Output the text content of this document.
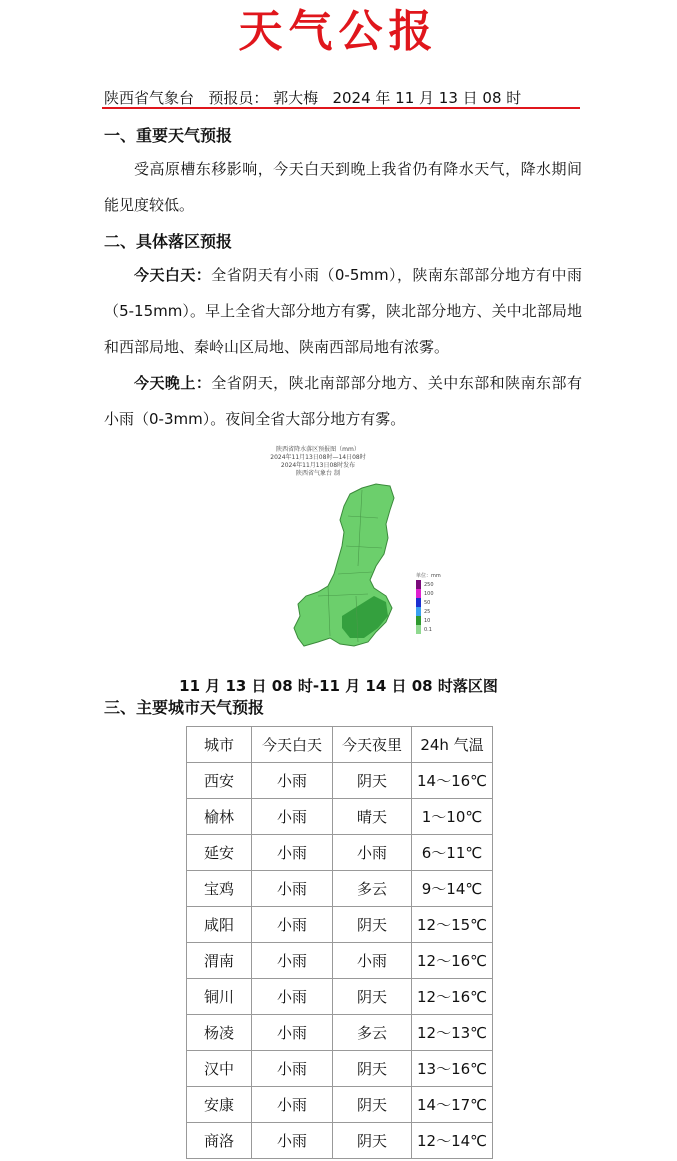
天气公报
陕西省气象台 预报员： 郭大梅 2024 年 11 月 13 日 08 时
一、重要天气预报
受高原槽东移影响，今天白天到晚上我省仍有降水天气，降水期间能见度较低。
二、具体落区预报
今天白天：全省阴天有小雨（0-5mm），陕南东部部分地方有中雨（5-15mm）。早上全省大部分地方有雾，陕北部分地方、关中北部局地和西部局地、秦岭山区局地、陕南西部局地有浓雾。
今天晚上：全省阴天，陕北南部部分地方、关中东部和陕南东部有小雨（0-3mm）。夜间全省大部分地方有雾。
陕西省降水落区预报图（mm）
2024年11月13日08时—14日08时
2024年11月13日08时发布
陕西省气象台 制
单位：mm
250
100
50
25
10
0.1
11 月 13 日 08 时-11 月 14 日 08 时落区图
三、主要城市天气预报
城市	今天白天	今天夜里	24h 气温
西安	小雨	阴天	14～16℃
榆林	小雨	晴天	1～10℃
延安	小雨	小雨	6～11℃
宝鸡	小雨	多云	9～14℃
咸阳	小雨	阴天	12～15℃
渭南	小雨	小雨	12～16℃
铜川	小雨	阴天	12～16℃
杨凌	小雨	多云	12～13℃
汉中	小雨	阴天	13～16℃
安康	小雨	阴天	14～17℃
商洛	小雨	阴天	12～14℃
